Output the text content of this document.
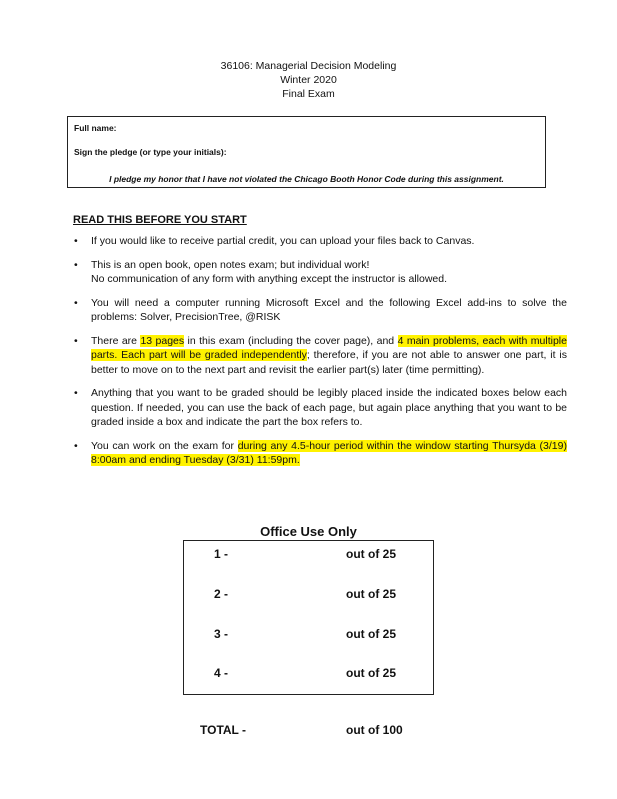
36106: Managerial Decision Modeling
Winter 2020
Final Exam
Full name:
Sign the pledge (or type your initials):
I pledge my honor that I have not violated the Chicago Booth Honor Code during this assignment.
READ THIS BEFORE YOU START
• If you would like to receive partial credit, you can upload your files back to Canvas.
• This is an open book, open notes exam; but individual work!
No communication of any form with anything except the instructor is allowed.
• You will need a computer running Microsoft Excel and the following Excel add-ins to solve the problems: Solver, PrecisionTree, @RISK
• There are 13 pages in this exam (including the cover page), and 4 main problems, each with multiple parts. Each part will be graded independently; therefore, if you are not able to answer one part, it is better to move on to the next part and revisit the earlier part(s) later (time permitting).
• Anything that you want to be graded should be legibly placed inside the indicated boxes below each question. If needed, you can use the back of each page, but again place anything that you want to be graded inside a box and indicate the part the box refers to.
• You can work on the exam for during any 4.5-hour period within the window starting Thursyda (3/19) 8:00am and ending Tuesday (3/31) 11:59pm.
Office Use Only
1 -	out of 25
2 -	out of 25
3 -	out of 25
4 -	out of 25
TOTAL -	out of 100
